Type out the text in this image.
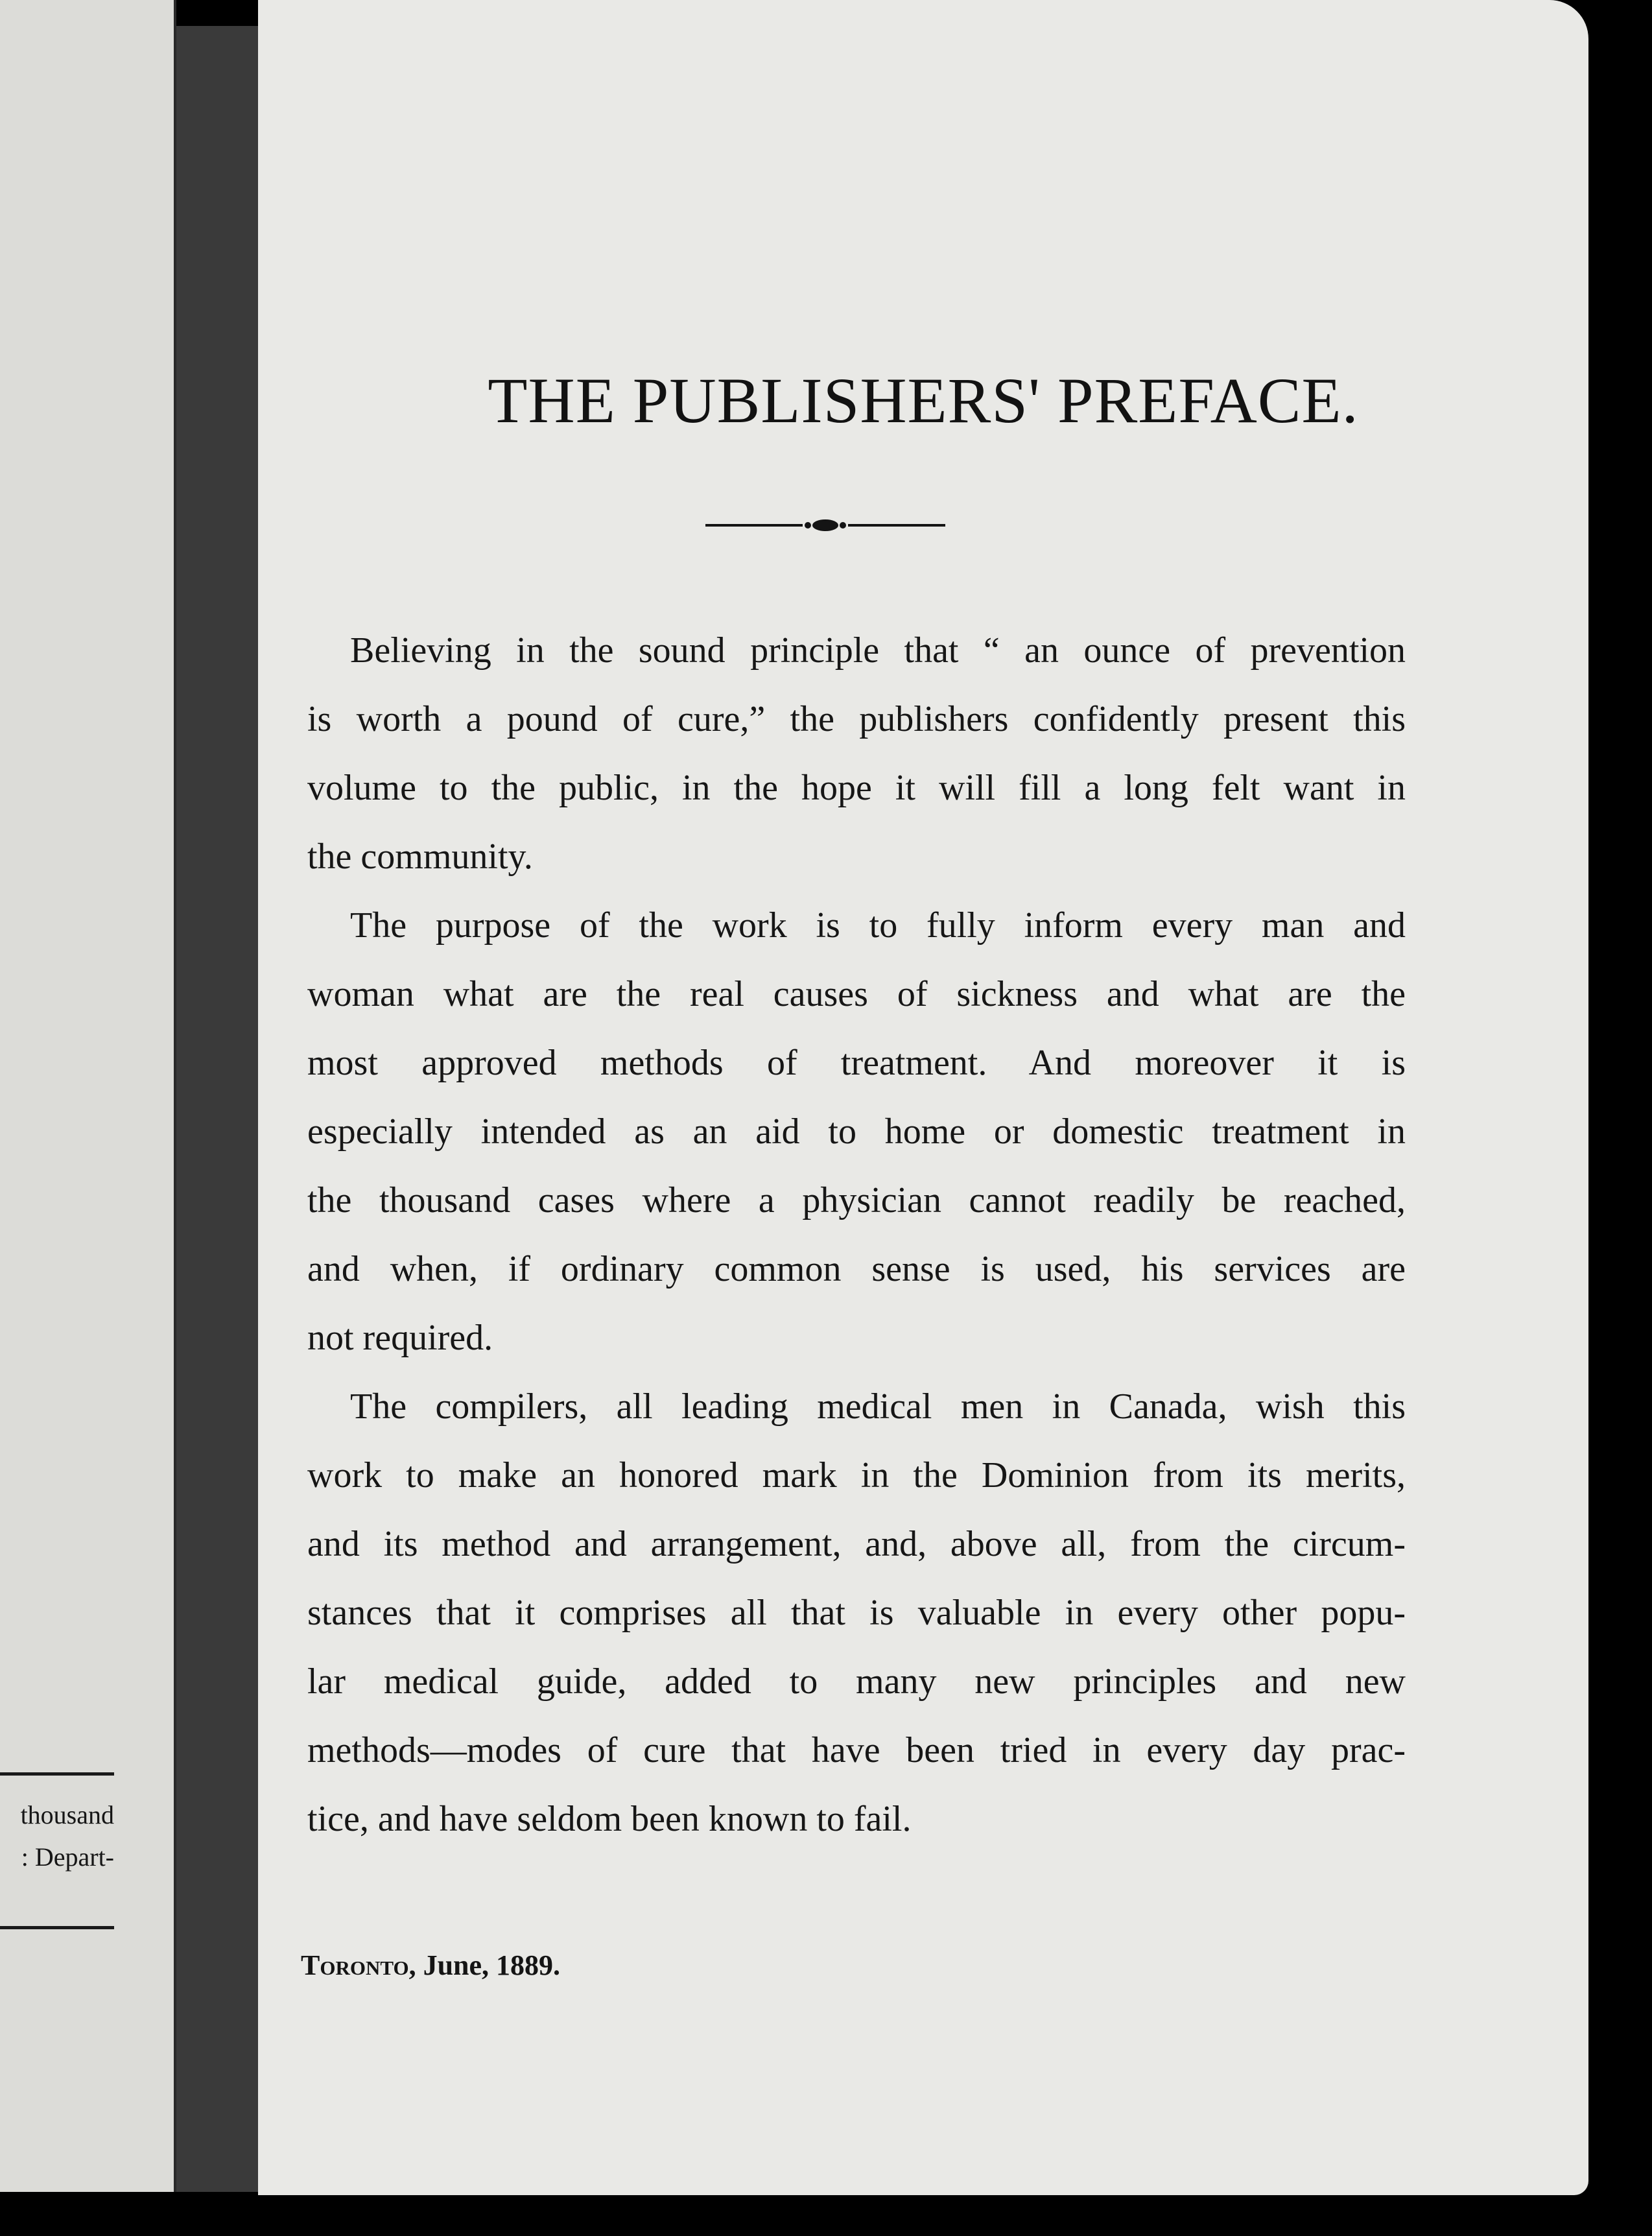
thousand
: Depart-
THE PUBLISHERS' PREFACE.

Believing in the sound principle that “ an ounce of prevention
is worth a pound of cure,” the publishers confidently present this
volume to the public, in the hope it will fill a long felt want in
the community.

The purpose of the work is to fully inform every man and
woman what are the real causes of sickness and what are the
most approved methods of treatment. And moreover it is
especially intended as an aid to home or domestic treatment in
the thousand cases where a physician cannot readily be reached,
and when, if ordinary common sense is used, his services are
not required.

The compilers, all leading medical men in Canada, wish this
work to make an honored mark in the Dominion from its merits,
and its method and arrangement, and, above all, from the circum-
stances that it comprises all that is valuable in every other popu-
lar medical guide, added to many new principles and new
methods—modes of cure that have been tried in every day prac-
tice, and have seldom been known to fail.

Toronto, June, 1889.
